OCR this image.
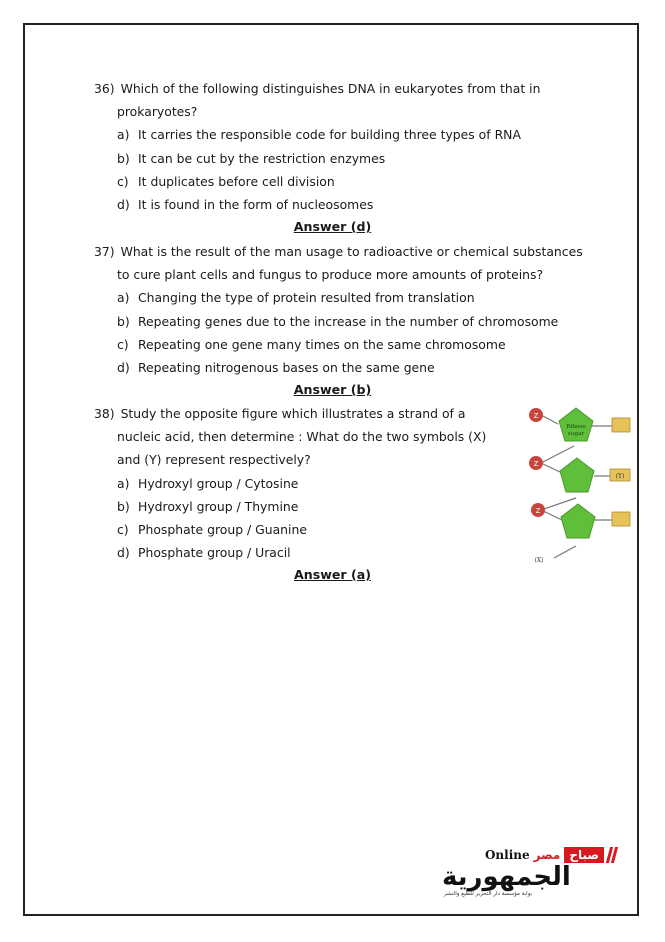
36) Which of the following distinguishes DNA in eukaryotes from that in

prokaryotes?

a) It carries the responsible code for building three types of RNA

b) It can be cut by the restriction enzymes

c) It duplicates before cell division

d) It is found in the form of nucleosomes

Answer (d)

37) What is the result of the man usage to radioactive or chemical substances

to cure plant cells and fungus to produce more amounts of proteins?

a) Changing the type of protein resulted from translation

b) Repeating genes due to the increase in the number of chromosome

c) Repeating one gene many times on the same chromosome

d) Repeating nitrogenous bases on the same gene

Answer (b)

38) Study the opposite figure which illustrates a strand of a

nucleic acid, then determine : What do the two symbols (X)

and (Y) represent respectively?

a) Hydroxyl group / Cytosine

b) Hydroxyl group / Thymine

c) Phosphate group / Guanine

d) Phosphate group / Uracil

Answer (a)
Z
Z
Z
Ribose
sugar
(Y)
(X)
Online مصر صباح
الجمهورية
بوابة مؤسسة دار التحرير للطبع والنشر
